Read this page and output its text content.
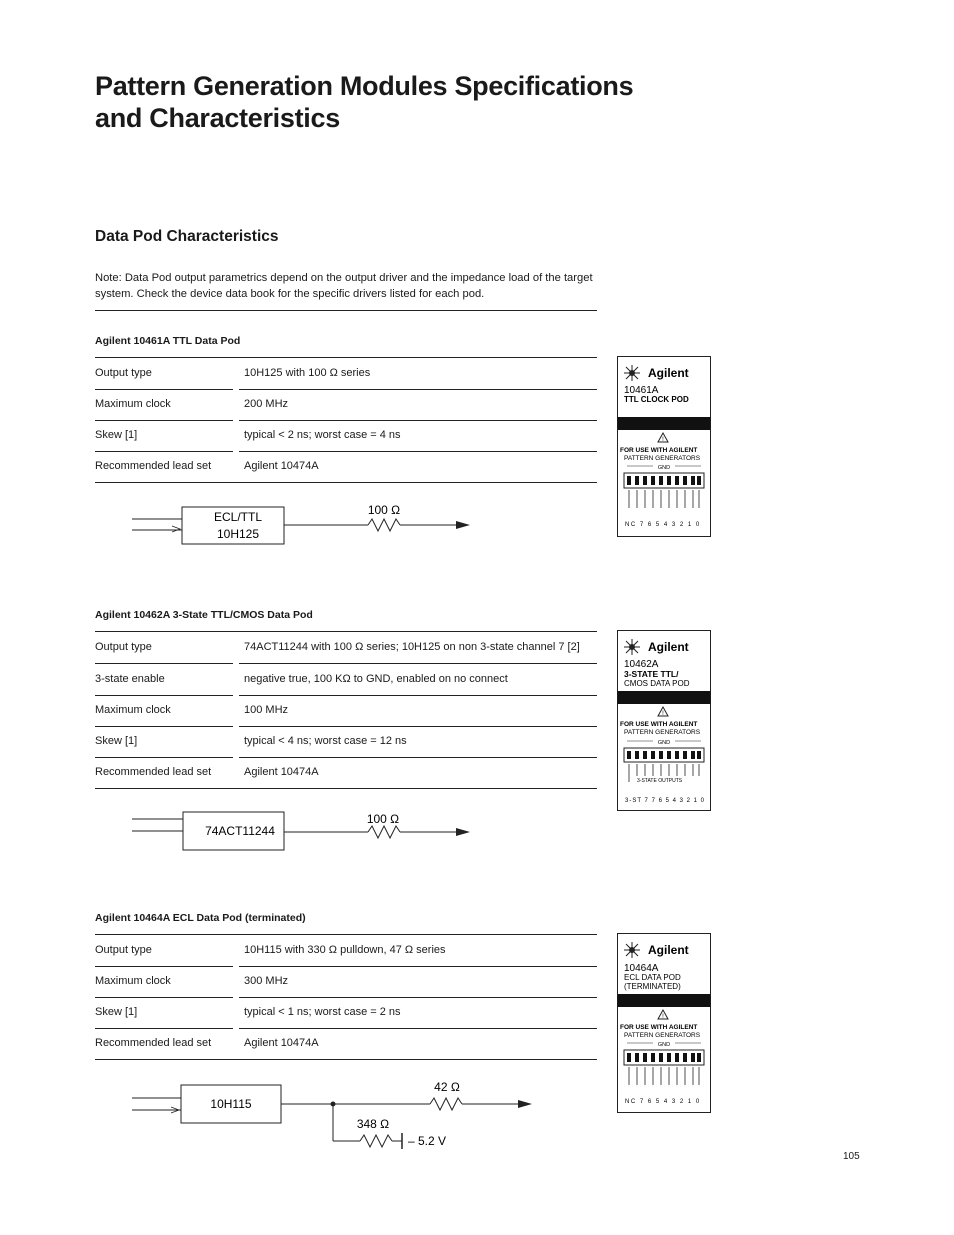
Pattern Generation Modules Specifications
and Characteristics
Data Pod Characteristics
Note: Data Pod output parametrics depend on the output driver and the impedance load of the target
system. Check the device data book for the specific drivers listed for each pod.
Agilent 10461A TTL Data Pod
Output type	10H125 with 100 Ω series
Maximum clock	200 MHz
Skew [1]	typical < 2 ns; worst case = 4 ns
Recommended lead set	Agilent 10474A
ECL/TTL
10H125
100 Ω
Agilent
10461A
TTL CLOCK POD
!
FOR USE WITH AGILENT
PATTERN GENERATORS
GND
NC 7 6 5 4 3 2 1 0
Agilent 10462A 3-State TTL/CMOS Data Pod
Output type	74ACT11244 with 100 Ω series; 10H125 on non 3-state channel 7 [2]
3-state enable	negative true, 100 KΩ to GND, enabled on no connect
Maximum clock	100 MHz
Skew [1]	typical < 4 ns; worst case = 12 ns
Recommended lead set	Agilent 10474A
74ACT11244
100 Ω
Agilent
10462A
3-STATE TTL/
CMOS DATA POD
!
FOR USE WITH AGILENT
PATTERN GENERATORS
GND
3-STATE OUTPUTS
3-ST 7 7 6 5 4 3 2 1 0
Agilent 10464A ECL Data Pod (terminated)
Output type	10H115 with 330 Ω pulldown, 47 Ω series
Maximum clock	300 MHz
Skew [1]	typical < 1 ns; worst case = 2 ns
Recommended lead set	Agilent 10474A
10H115
42 Ω
348 Ω
– 5.2 V
Agilent
10464A
ECL DATA POD
(TERMINATED)
!
FOR USE WITH AGILENT
PATTERN GENERATORS
GND
NC 7 6 5 4 3 2 1 0
105
